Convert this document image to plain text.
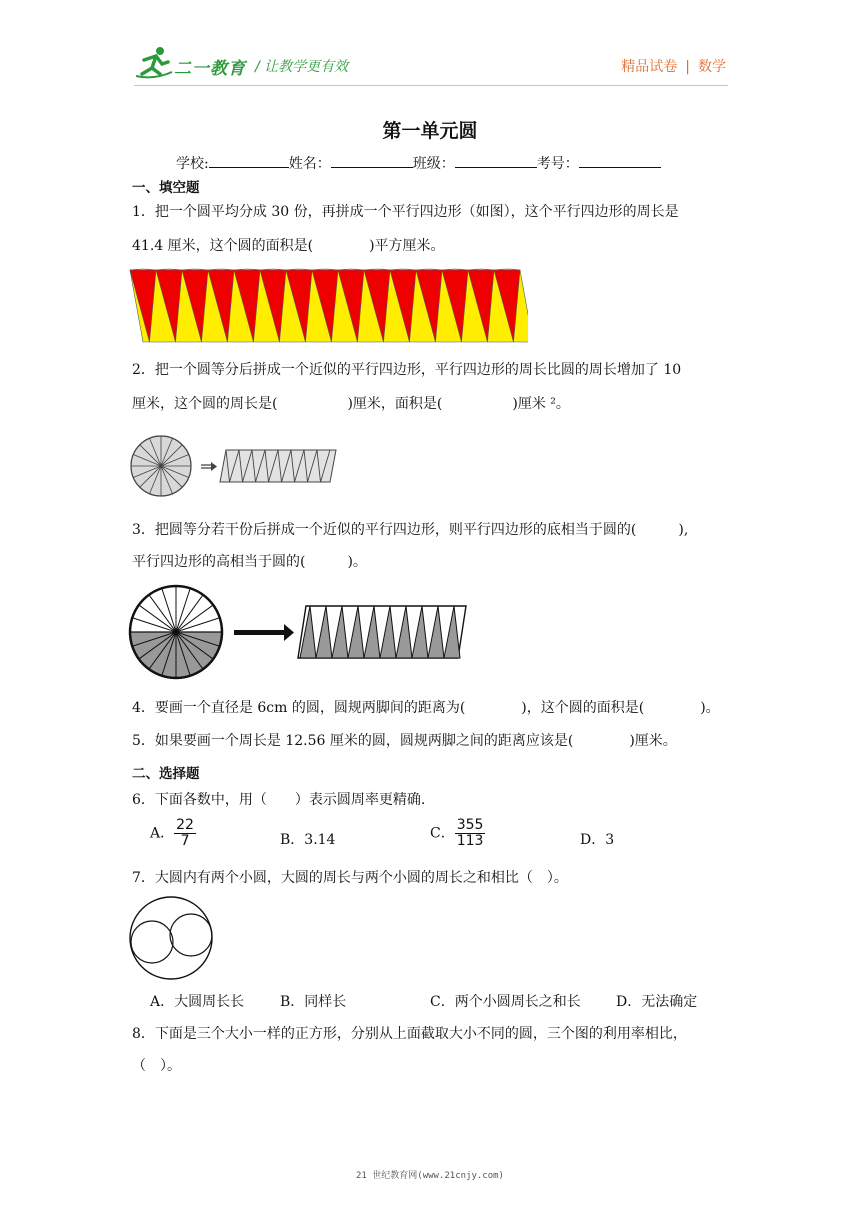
二一教育 / 让教学更有效	精品试卷 | 数学
第一单元圆
学校:	姓名：	班级：	考号：
一、填空题
1．把一个圆平均分成 30 份，再拼成一个平行四边形（如图），这个平行四边形的周长是
41.4 厘米，这个圆的面积是(　　　　)平方厘米。
2．把一个圆等分后拼成一个近似的平行四边形，平行四边形的周长比圆的周长增加了 10
厘米，这个圆的周长是(　　　　　)厘米，面积是(　　　　　)厘米 ²。
3．把圆等分若干份后拼成一个近似的平行四边形，则平行四边形的底相当于圆的(　　　),
平行四边形的高相当于圆的(　　　)。
4．要画一个直径是 6cm 的圆，圆规两脚间的距离为(　　　　)，这个圆的面积是(　　　　)。
5．如果要画一个周长是 12.56 厘米的圆，圆规两脚之间的距离应该是(　　　　)厘米。
二、选择题
6．下面各数中，用（　　）表示圆周率更精确.
A． $\frac{22}{7}$	B．3.14	C． $\frac{355}{113}$	D．3
7．大圆内有两个小圆，大圆的周长与两个小圆的周长之和相比（　）。
A．大圆周长长	B．同样长	C．两个小圆周长之和长	D．无法确定
8．下面是三个大小一样的正方形，分别从上面截取大小不同的圆，三个图的利用率相比，
（　）。
21 世纪教育网(www.21cnjy.com)
